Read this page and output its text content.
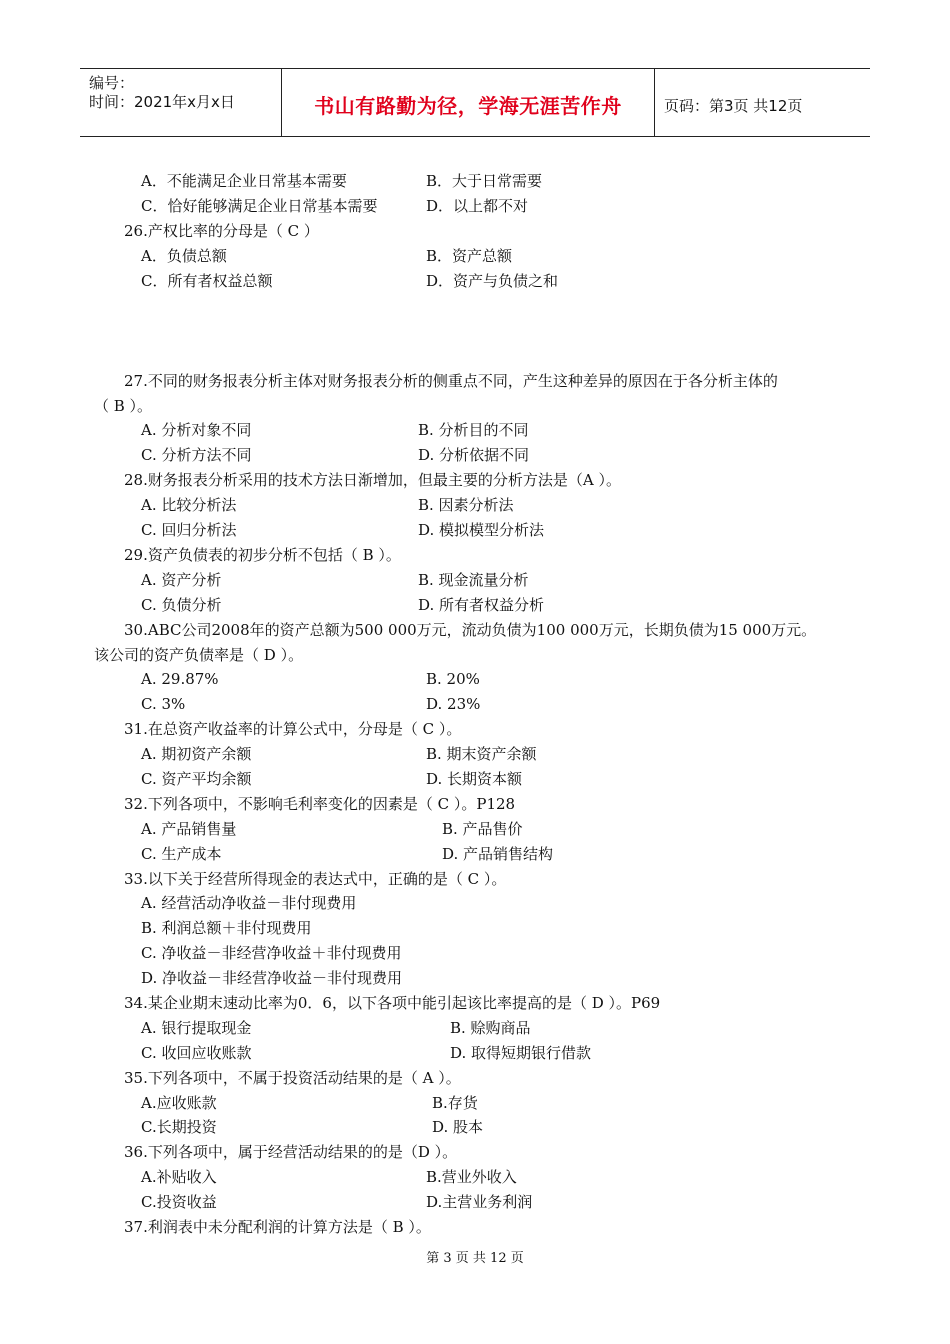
编号：
时间：2021年x月x日	书山有路勤为径，学海无涯苦作舟	页码：第3页 共12页
A．不能满足企业日常基本需要	B．大于日常需要
C．恰好能够满足企业日常基本需要	D．以上都不对
26.产权比率的分母是（ C ）
A．负债总额	B．资产总额
C．所有者权益总额	D．资产与负债之和
27.不同的财务报表分析主体对财务报表分析的侧重点不同，产生这种差异的原因在于各分析主体的
（ B ）。
A. 分析对象不同	B. 分析目的不同
C. 分析方法不同	D. 分析依据不同
28.财务报表分析采用的技术方法日渐增加，但最主要的分析方法是（A ）。
A. 比较分析法	B. 因素分析法
C. 回归分析法	D. 模拟模型分析法
29.资产负债表的初步分析不包括（ B ）。
A. 资产分析	B. 现金流量分析
C. 负债分析	D. 所有者权益分析
30.ABC公司2008年的资产总额为500 000万元，流动负债为100 000万元，长期负债为15 000万元。
该公司的资产负债率是（ D ）。
A. 29.87%	B. 20%
C. 3%	D. 23%
31.在总资产收益率的计算公式中，分母是（ C ）。
A. 期初资产余额	B. 期末资产余额
C. 资产平均余额	D. 长期资本额
32.下列各项中，不影响毛利率变化的因素是（ C ）。P128
A. 产品销售量	B. 产品售价
C. 生产成本	D. 产品销售结构
33.以下关于经营所得现金的表达式中，正确的是（ C ）。
A. 经营活动净收益－非付现费用
B. 利润总额＋非付现费用
C. 净收益－非经营净收益＋非付现费用
D. 净收益－非经营净收益－非付现费用
34.某企业期末速动比率为0．6，以下各项中能引起该比率提高的是（ D ）。P69
A. 银行提取现金	B. 赊购商品
C. 收回应收账款	D. 取得短期银行借款
35.下列各项中，不属于投资活动结果的是（ A ）。
A.应收账款	B.存货
C.长期投资	D. 股本
36.下列各项中，属于经营活动结果的的是（D ）。
A.补贴收入	B.营业外收入
C.投资收益	D.主营业务利润
37.利润表中未分配利润的计算方法是（ B ）。
第 3 页 共 12 页
